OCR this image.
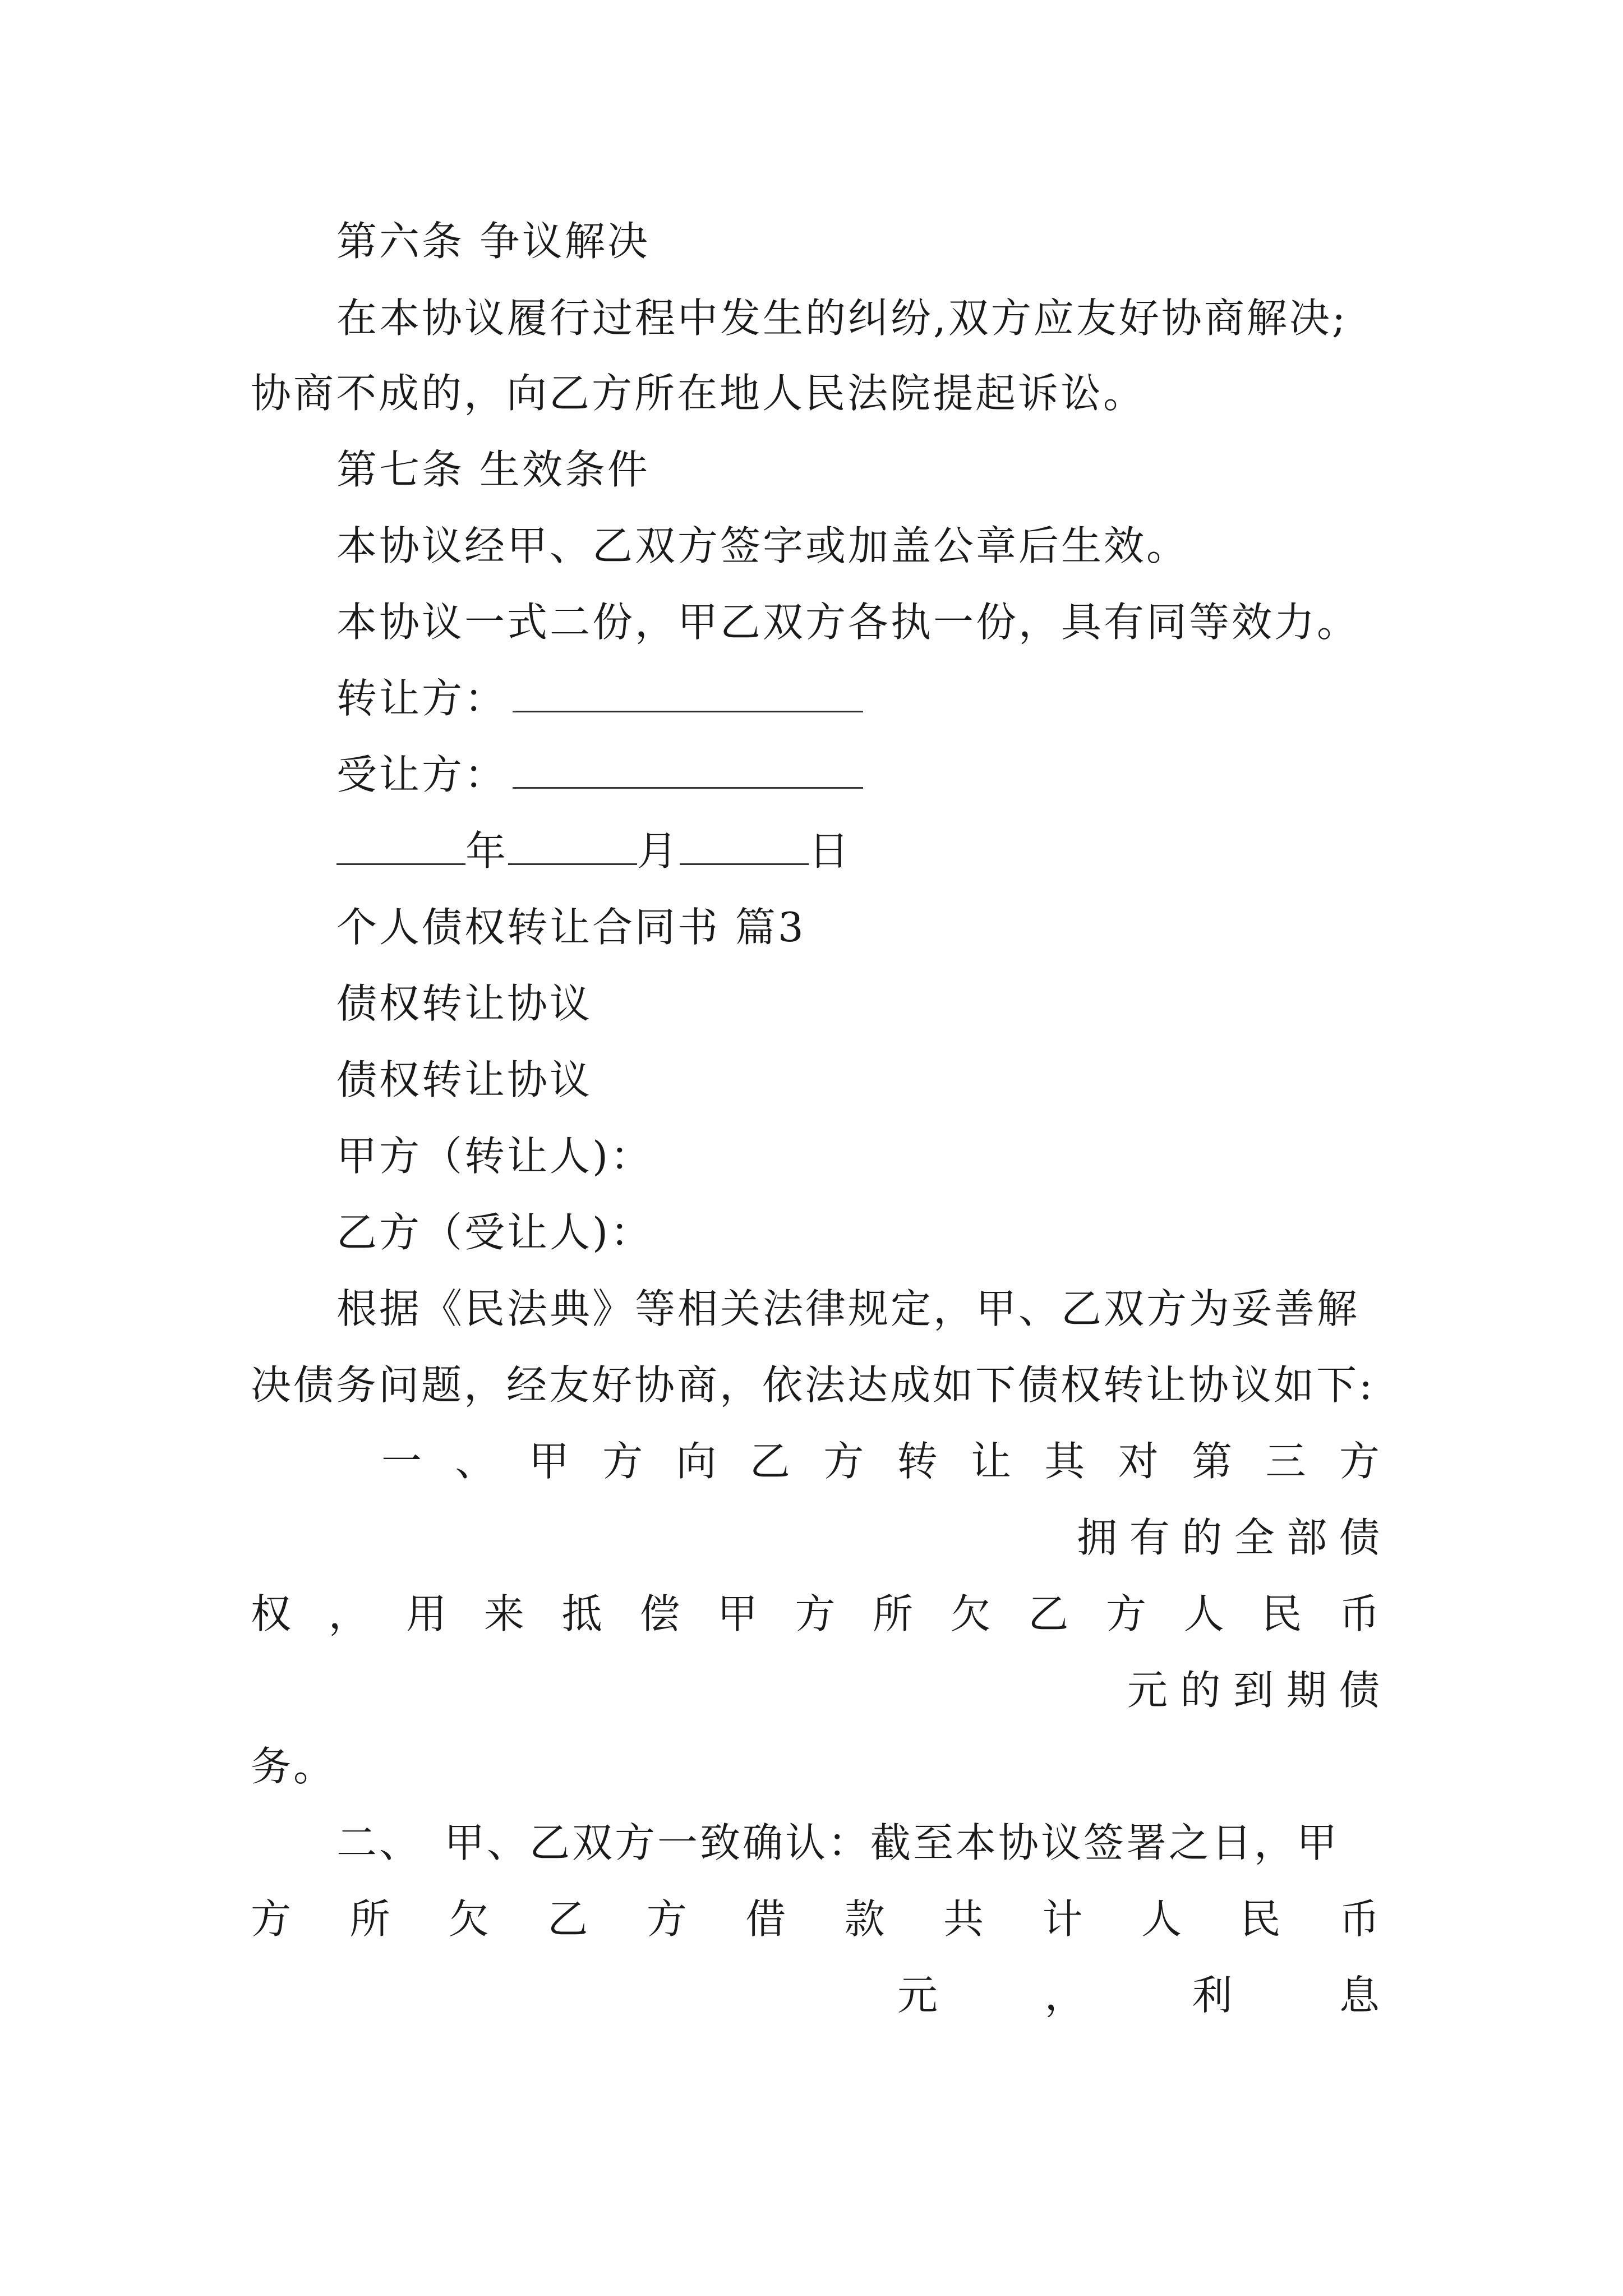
第六条 争议解决
在本协议履行过程中发生的纠纷,双方应友好协商解决;
协商不成的，向乙方所在地人民法院提起诉讼。
第七条 生效条件
本协议经甲、乙双方签字或加盖公章后生效。
本协议一式二份，甲乙双方各执一份，具有同等效力。
转让方：
受让方：
年	月	日
个人债权转让合同书 篇3
债权转让协议
债权转让协议
甲方（转让人)：
乙方（受让人)：
根据《民法典》等相关法律规定，甲、乙双方为妥善解
决债务问题，经友好协商，依法达成如下债权转让协议如下:
一 、 甲 方 向 乙 方 转 让 其 对 第 三 方
拥 有 的 全 部 债
权 ， 用 来 抵 偿 甲 方 所 欠 乙 方 人 民 币
元 的 到 期 债
务。
二、　甲、乙双方一致确认：截至本协议签署之日，甲
方 所 欠 乙 方 借 款 共 计 人 民 币
元	，	利	息
